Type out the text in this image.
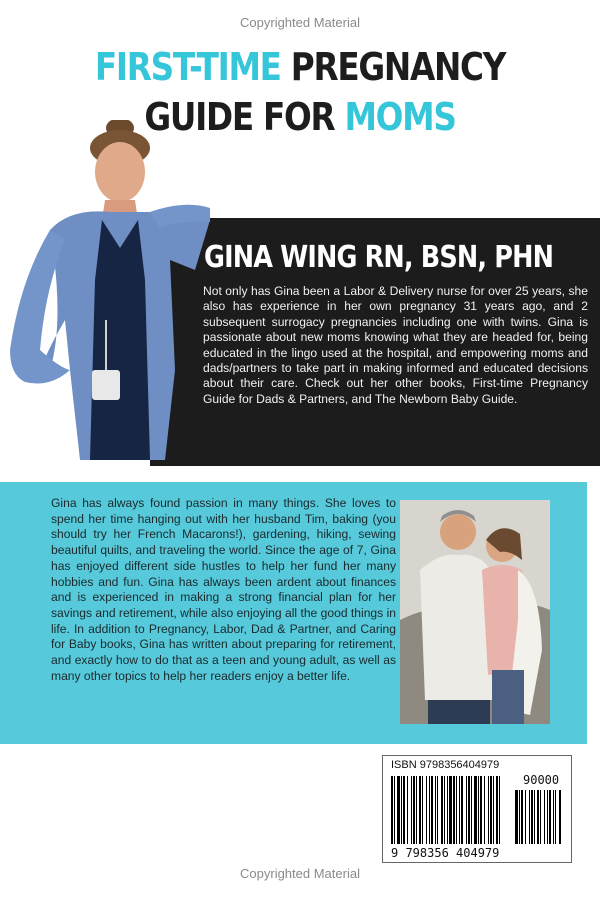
Copyrighted Material
FIRST-TIME PREGNANCY
GUIDE FOR MOMS
GINA WING RN, BSN, PHN
Not only has Gina been a Labor & Delivery nurse for over 25 years, she also has experience in her own pregnancy 31 years ago, and 2 subsequent surrogacy pregnancies including one with twins. Gina is passionate about new moms knowing what they are headed for, being educated in the lingo used at the hospital, and empowering moms and dads/partners to take part in making informed and educated decisions about their care. Check out her other books, First-time Pregnancy Guide for Dads & Partners, and The Newborn Baby Guide.
Gina has always found passion in many things. She loves to spend her time hanging out with her husband Tim, baking (you should try her French Macarons!), gardening, hiking, sewing beautiful quilts, and traveling the world. Since the age of 7, Gina has enjoyed different side hustles to help her fund her many hobbies and fun. Gina has always been ardent about finances and is experienced in making a strong financial plan for her savings and retirement, while also enjoying all the good things in life. In addition to Pregnancy, Labor, Dad & Partner, and Caring for Baby books, Gina has written about preparing for retirement, and exactly how to do that as a teen and young adult, as well as many other topics to help her readers enjoy a better life.
ISBN 9798356404979
90000
9 798356 404979
Copyrighted Material
